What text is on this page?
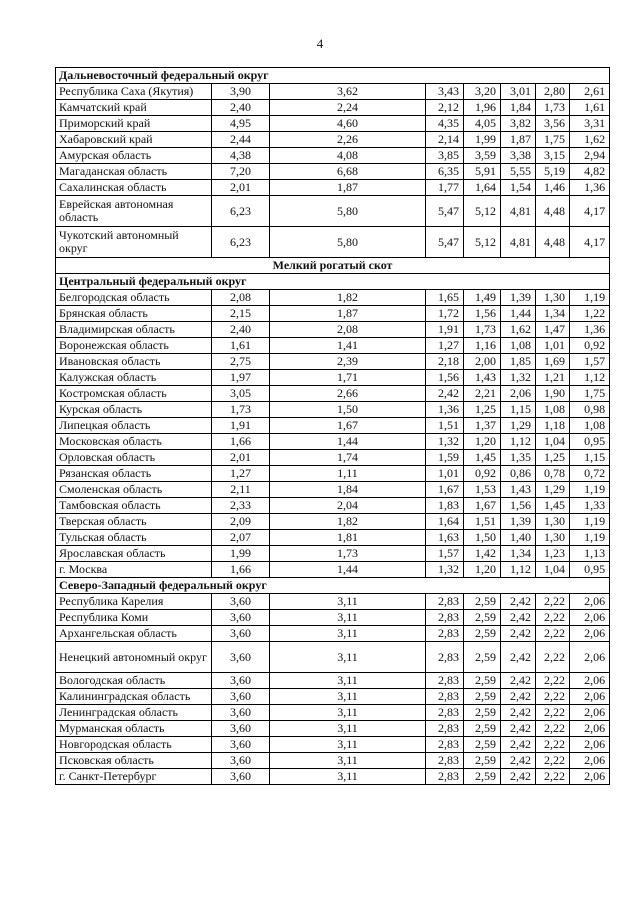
4
Дальневосточный федеральный округ							
Республика Саха (Якутия)	3,90	3,62	3,43	3,20	3,01	2,80	2,61
Камчатский край	2,40	2,24	2,12	1,96	1,84	1,73	1,61
Приморский край	4,95	4,60	4,35	4,05	3,82	3,56	3,31
Хабаровский край	2,44	2,26	2,14	1,99	1,87	1,75	1,62
Амурская область	4,38	4,08	3,85	3,59	3,38	3,15	2,94
Магаданская область	7,20	6,68	6,35	5,91	5,55	5,19	4,82
Сахалинская область	2,01	1,87	1,77	1,64	1,54	1,46	1,36
Еврейская автономная область	6,23	5,80	5,47	5,12	4,81	4,48	4,17
Чукотский автономный округ	6,23	5,80	5,47	5,12	4,81	4,48	4,17
Мелкий рогатый скот							
Центральный федеральный округ							
Белгородская область	2,08	1,82	1,65	1,49	1,39	1,30	1,19
Брянская область	2,15	1,87	1,72	1,56	1,44	1,34	1,22
Владимирская область	2,40	2,08	1,91	1,73	1,62	1,47	1,36
Воронежская область	1,61	1,41	1,27	1,16	1,08	1,01	0,92
Ивановская область	2,75	2,39	2,18	2,00	1,85	1,69	1,57
Калужская область	1,97	1,71	1,56	1,43	1,32	1,21	1,12
Костромская область	3,05	2,66	2,42	2,21	2,06	1,90	1,75
Курская область	1,73	1,50	1,36	1,25	1,15	1,08	0,98
Липецкая область	1,91	1,67	1,51	1,37	1,29	1,18	1,08
Московская область	1,66	1,44	1,32	1,20	1,12	1,04	0,95
Орловская область	2,01	1,74	1,59	1,45	1,35	1,25	1,15
Рязанская область	1,27	1,11	1,01	0,92	0,86	0,78	0,72
Смоленская область	2,11	1,84	1,67	1,53	1,43	1,29	1,19
Тамбовская область	2,33	2,04	1,83	1,67	1,56	1,45	1,33
Тверская область	2,09	1,82	1,64	1,51	1,39	1,30	1,19
Тульская область	2,07	1,81	1,63	1,50	1,40	1,30	1,19
Ярославская область	1,99	1,73	1,57	1,42	1,34	1,23	1,13
г. Москва	1,66	1,44	1,32	1,20	1,12	1,04	0,95
Северо-Западный федеральный округ							
Республика Карелия	3,60	3,11	2,83	2,59	2,42	2,22	2,06
Республика Коми	3,60	3,11	2,83	2,59	2,42	2,22	2,06
Архангельская область	3,60	3,11	2,83	2,59	2,42	2,22	2,06
Ненецкий автономный округ	3,60	3,11	2,83	2,59	2,42	2,22	2,06
Вологодская область	3,60	3,11	2,83	2,59	2,42	2,22	2,06
Калининградская область	3,60	3,11	2,83	2,59	2,42	2,22	2,06
Ленинградская область	3,60	3,11	2,83	2,59	2,42	2,22	2,06
Мурманская область	3,60	3,11	2,83	2,59	2,42	2,22	2,06
Новгородская область	3,60	3,11	2,83	2,59	2,42	2,22	2,06
Псковская область	3,60	3,11	2,83	2,59	2,42	2,22	2,06
г. Санкт-Петербург	3,60	3,11	2,83	2,59	2,42	2,22	2,06
